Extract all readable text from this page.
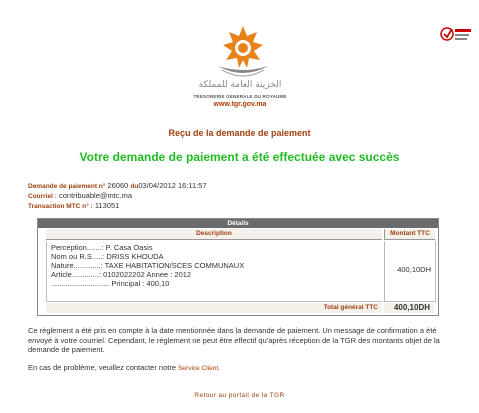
الخزينة العامة للمملكة
TRESORERIE GENERALE DU ROYAUME
www.tgr.gov.ma
Reçu de la demande de paiement
Votre demande de paiement a été effectuée avec succès
Demande de paiement n° 26060 du03/04/2012 16:11:57
Courriel : contribuable@mtc.ma
Transaction MTC n° : 113051
Détails
Description	Montant TTC
Perception.......: P. Casa Oasis
Nom ou R.S.....: DRISS KHOUDA
Nature.............: TAXE HABITATION/SCES COMMUNAUX
Article.............: 0102022202 Annee : 2012
............................ Principal : 400,10
400,10DH
Total général TTC	400,10DH
Ce règlement a été pris en compte à la date mentionnée dans la demande de paiement. Un message de confirmation a été envoyé à votre courriel. Cependant, le règlement ne peut être effectif qu'après réception de la TGR des montants objet de la demande de paiement.
En cas de problème, veuillez contacter notre Service Client.
Retour au portail de la TGR
